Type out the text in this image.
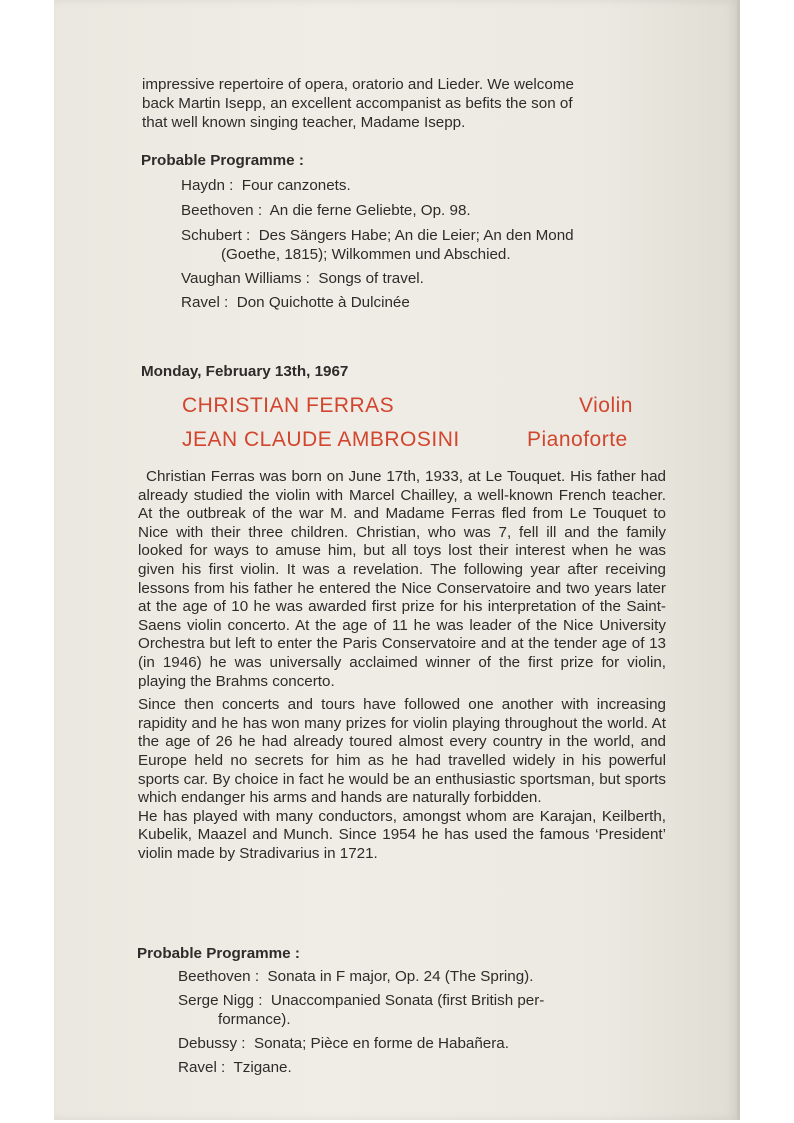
impressive repertoire of opera, oratorio and Lieder. We welcome
back Martin Isepp, an excellent accompanist as befits the son of
that well known singing teacher, Madame Isepp.
Probable Programme :
Haydn : Four canzonets.
Beethoven : An die ferne Geliebte, Op. 98.
Schubert : Des Sängers Habe; An die Leier; An den Mond
(Goethe, 1815); Wilkommen und Abschied.
Vaughan Williams : Songs of travel.
Ravel : Don Quichotte à Dulcinée
Monday, February 13th, 1967
CHRISTIAN FERRAS	Violin
JEAN CLAUDE AMBROSINI	Pianoforte

Christian Ferras was born on June 17th, 1933, at Le Touquet. His father had already studied the violin with Marcel Chailley, a well-known French teacher. At the outbreak of the war M. and Madame Ferras fled from Le Touquet to Nice with their three children. Christian, who was 7, fell ill and the family looked for ways to amuse him, but all toys lost their interest when he was given his first violin. It was a revelation. The following year after receiving lessons from his father he entered the Nice Conservatoire and two years later at the age of 10 he was awarded first prize for his interpretation of the Saint-Saens violin concerto. At the age of 11 he was leader of the Nice University Orchestra but left to enter the Paris Conservatoire and at the tender age of 13 (in 1946) he was universally acclaimed winner of the first prize for violin, playing the Brahms concerto.

Since then concerts and tours have followed one another with increasing rapidity and he has won many prizes for violin playing throughout the world. At the age of 26 he had already toured almost every country in the world, and Europe held no secrets for him as he had travelled widely in his powerful sports car. By choice in fact he would be an enthusiastic sportsman, but sports which endanger his arms and hands are naturally forbidden.

He has played with many conductors, amongst whom are Karajan, Keilberth, Kubelik, Maazel and Munch. Since 1954 he has used the famous ‘President’ violin made by Stradivarius in 1721.

Probable Programme :
Beethoven : Sonata in F major, Op. 24 (The Spring).
Serge Nigg : Unaccompanied Sonata (first British per-
formance).
Debussy : Sonata; Pièce en forme de Habañera.
Ravel : Tzigane.
